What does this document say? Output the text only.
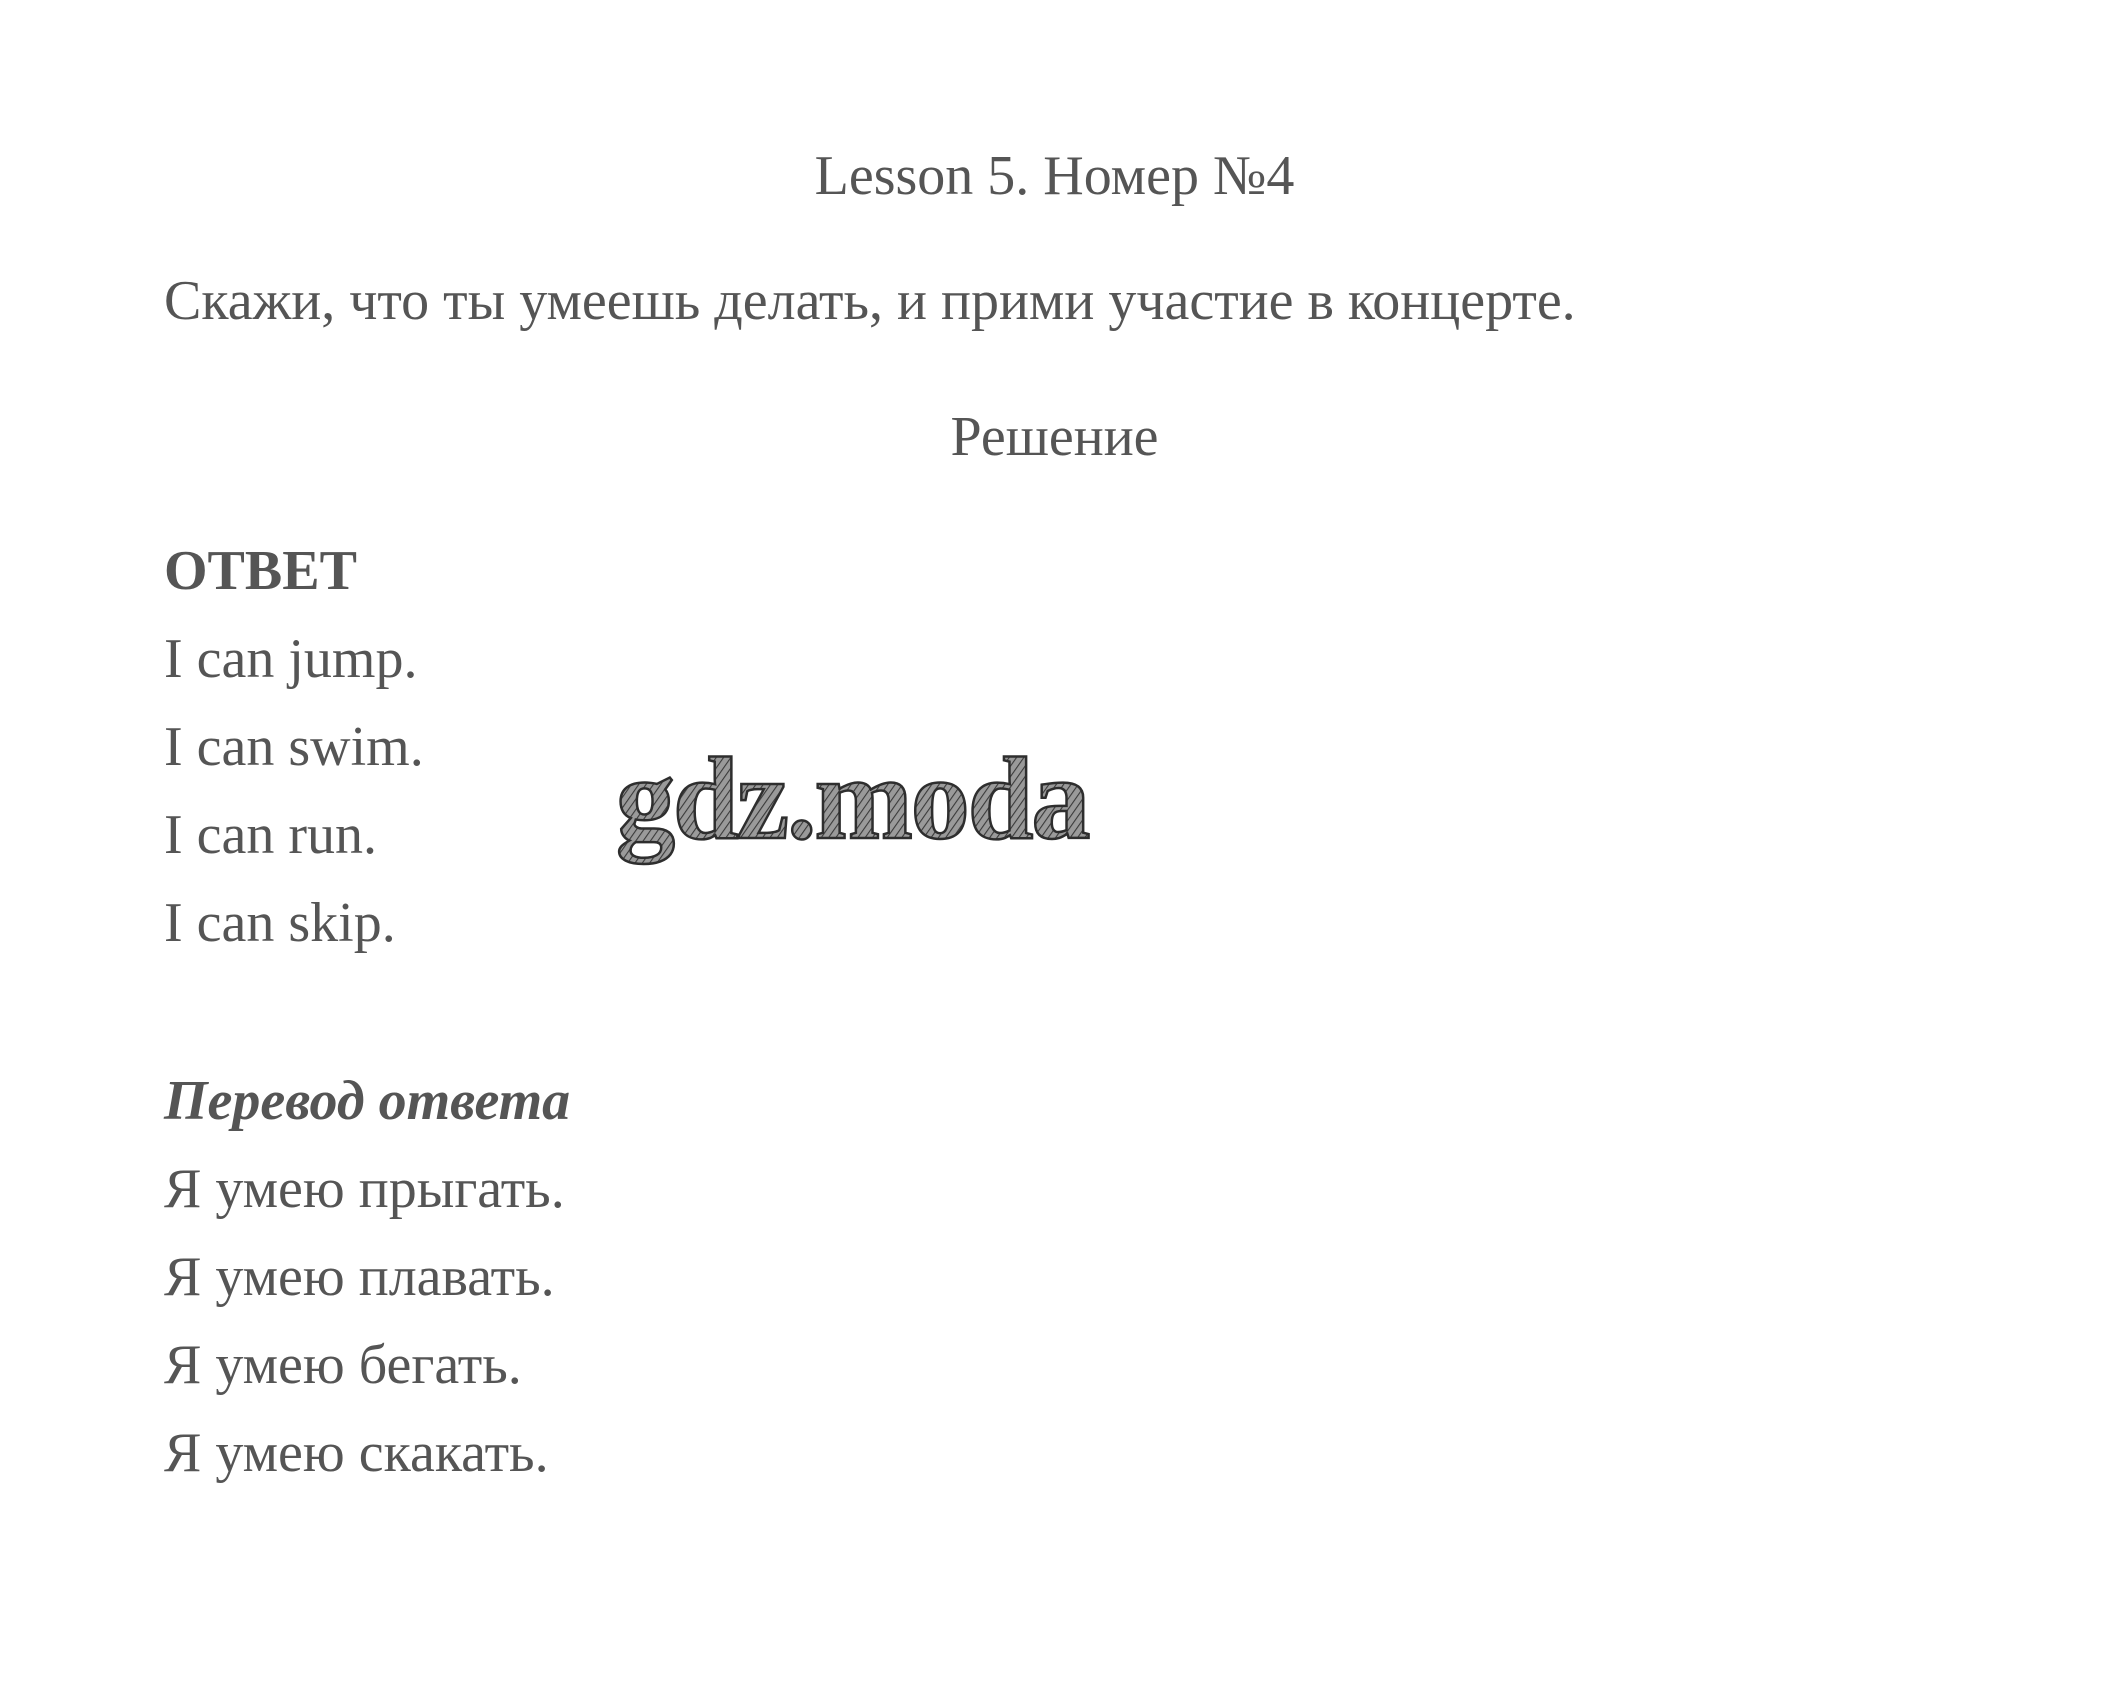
Lesson 5. Номер №4

Скажи, что ты умеешь делать, и прими участие в концерте.

Решение

ОТВЕТ

I can jump.

I can swim.

I can run.

I can skip.

Перевод ответа

Я умею прыгать.

Я умею плавать.

Я умею бегать.

Я умею скакать.

gdz.moda
